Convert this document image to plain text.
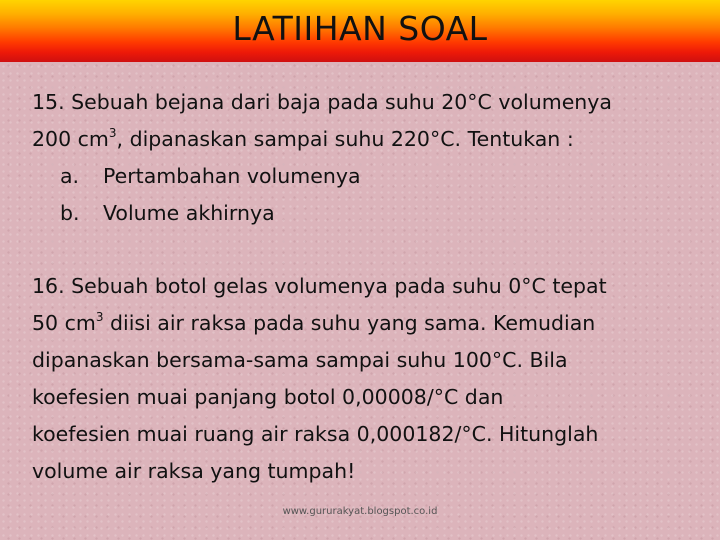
LATIIHAN SOAL
15. Sebuah bejana dari baja pada suhu 20°C volumenya
200 $cm^3$, dipanaskan sampai suhu 220°C. Tentukan :
a. Pertambahan volumenya
b. Volume akhirnya
16. Sebuah botol gelas volumenya pada suhu 0°C tepat
50 $cm^3$ diisi air raksa pada suhu yang sama. Kemudian
dipanaskan bersama-sama sampai suhu 100°C. Bila
koefesien muai panjang botol 0,00008/°C dan
koefesien muai ruang air raksa 0,000182/°C. Hitunglah
volume air raksa yang tumpah!
www.gururakyat.blogspot.co.id
